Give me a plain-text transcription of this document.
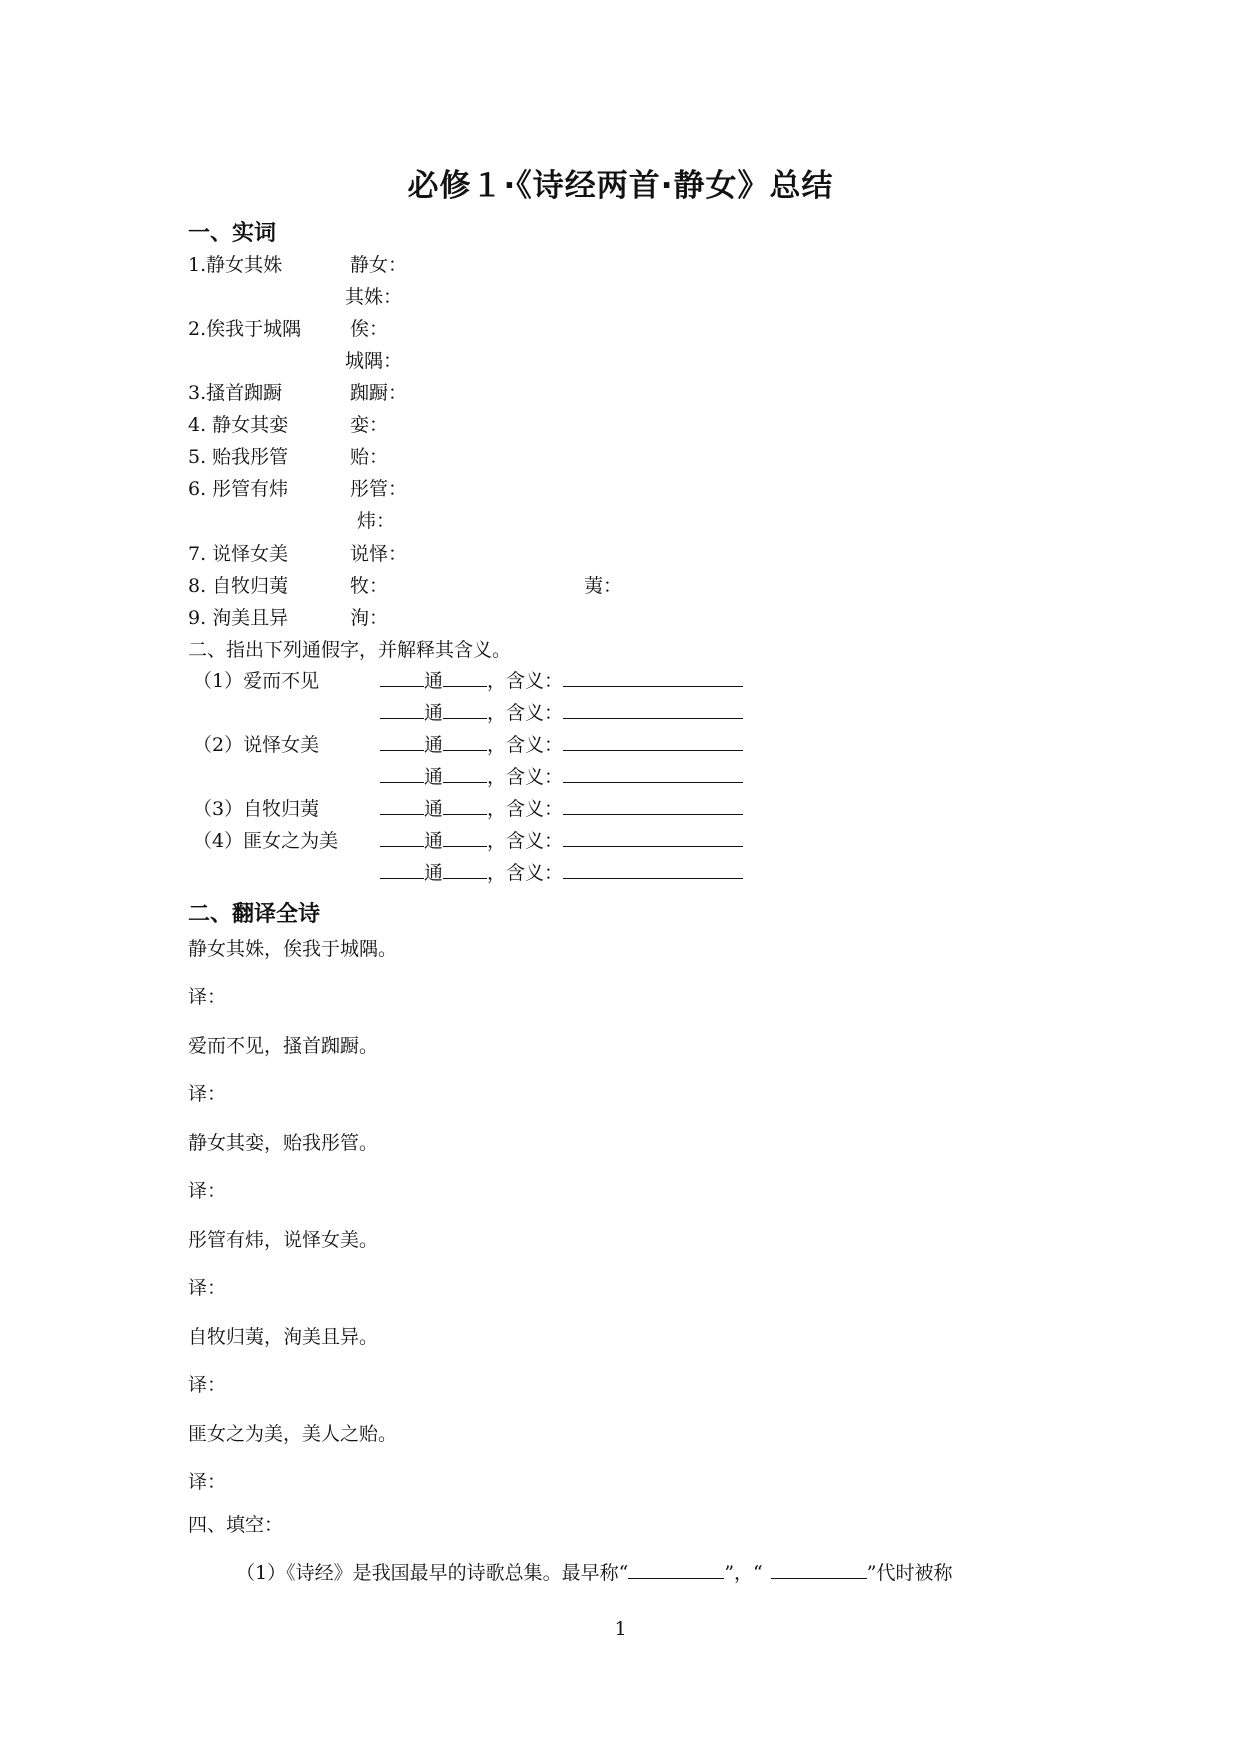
必修１·《诗经两首·静女》总结
一、实词
1.静女其姝	静女：
其姝：
2.俟我于城隅	俟：
城隅：
3.搔首踟蹰	踟蹰：
4. 静女其娈	娈：
5. 贻我彤管	贻：
6. 彤管有炜	彤管：
炜：
7. 说怿女美	说怿：
8. 自牧归荑	牧：	荑：
9. 洵美且异	洵：
二、指出下列通假字，并解释其含义。
（1）爱而不见	通 ，含义：
通 ，含义：
（2）说怿女美	通 ，含义：
通 ，含义：
（3）自牧归荑	通 ，含义：
（4）匪女之为美	通 ，含义：
通 ，含义：
二、翻译全诗
静女其姝，俟我于城隅。
译：
爱而不见，搔首踟蹰。
译：
静女其娈，贻我彤管。
译：
彤管有炜，说怿女美。
译：
自牧归荑，洵美且异。
译：
匪女之为美，美人之贻。
译：
四、填空：
（1）《诗经》是我国最早的诗歌总集。最早称“	”，“	”代时被称
1
